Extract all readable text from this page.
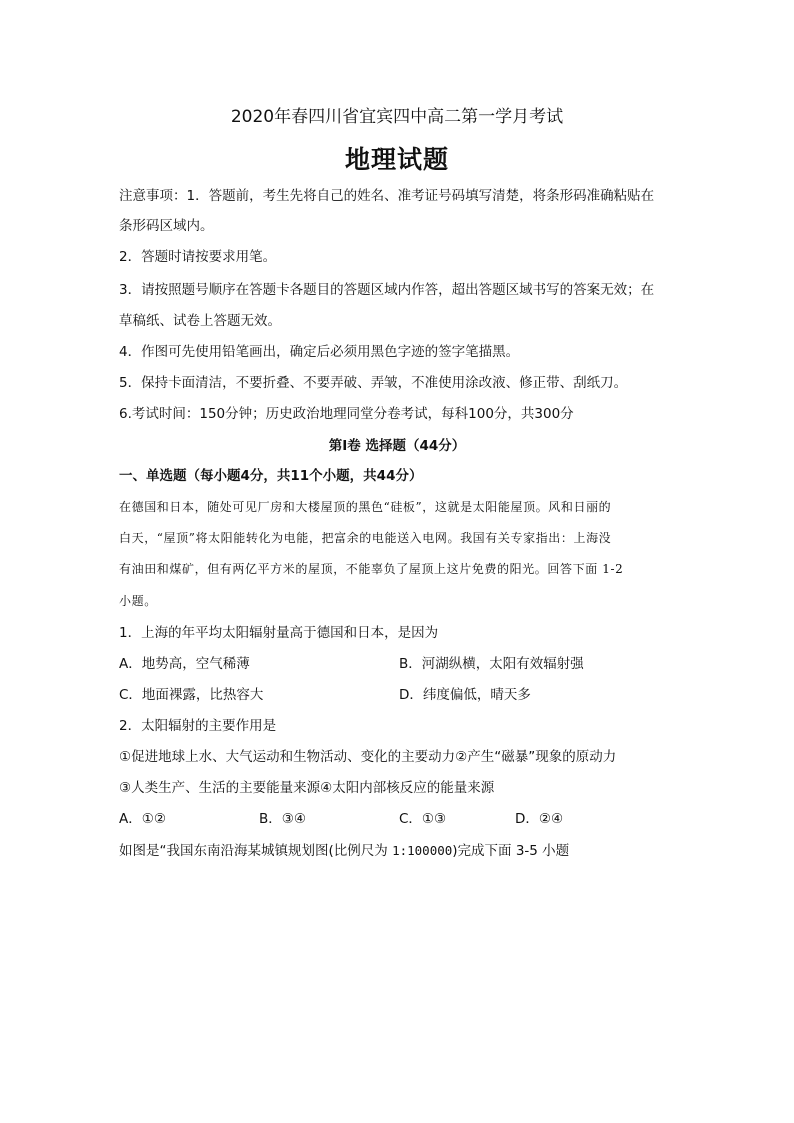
2020年春四川省宜宾四中高二第一学月考试
地理试题
注意事项：1．答题前，考生先将自己的姓名、准考证号码填写清楚，将条形码准确粘贴在
条形码区域内。
2．答题时请按要求用笔。
3．请按照题号顺序在答题卡各题目的答题区域内作答，超出答题区域书写的答案无效；在
草稿纸、试卷上答题无效。
4．作图可先使用铅笔画出，确定后必须用黑色字迹的签字笔描黑。
5．保持卡面清洁，不要折叠、不要弄破、弄皱，不准使用涂改液、修正带、刮纸刀。
6.考试时间：150分钟；历史政治地理同堂分卷考试，每科100分，共300分
第Ⅰ卷 选择题（44分）
一、单选题（每小题4分，共11个小题，共44分）
在德国和日本，随处可见厂房和大楼屋顶的黑色“硅板”，这就是太阳能屋顶。风和日丽的
白天，“屋顶”将太阳能转化为电能，把富余的电能送入电网。我国有关专家指出：上海没
有油田和煤矿，但有两亿平方米的屋顶，不能辜负了屋顶上这片免费的阳光。回答下面 1-2
小题。
1．上海的年平均太阳辐射量高于德国和日本，是因为
A．地势高，空气稀薄	B．河湖纵横，太阳有效辐射强
C．地面裸露，比热容大	D．纬度偏低，晴天多
2．太阳辐射的主要作用是
①促进地球上水、大气运动和生物活动、变化的主要动力②产生“磁暴”现象的原动力
③人类生产、生活的主要能量来源④太阳内部核反应的能量来源
A．①②	B．③④	C．①③	D．②④
如图是“我国东南沿海某城镇规划图(比例尺为 1:100000)完成下面 3-5 小题
